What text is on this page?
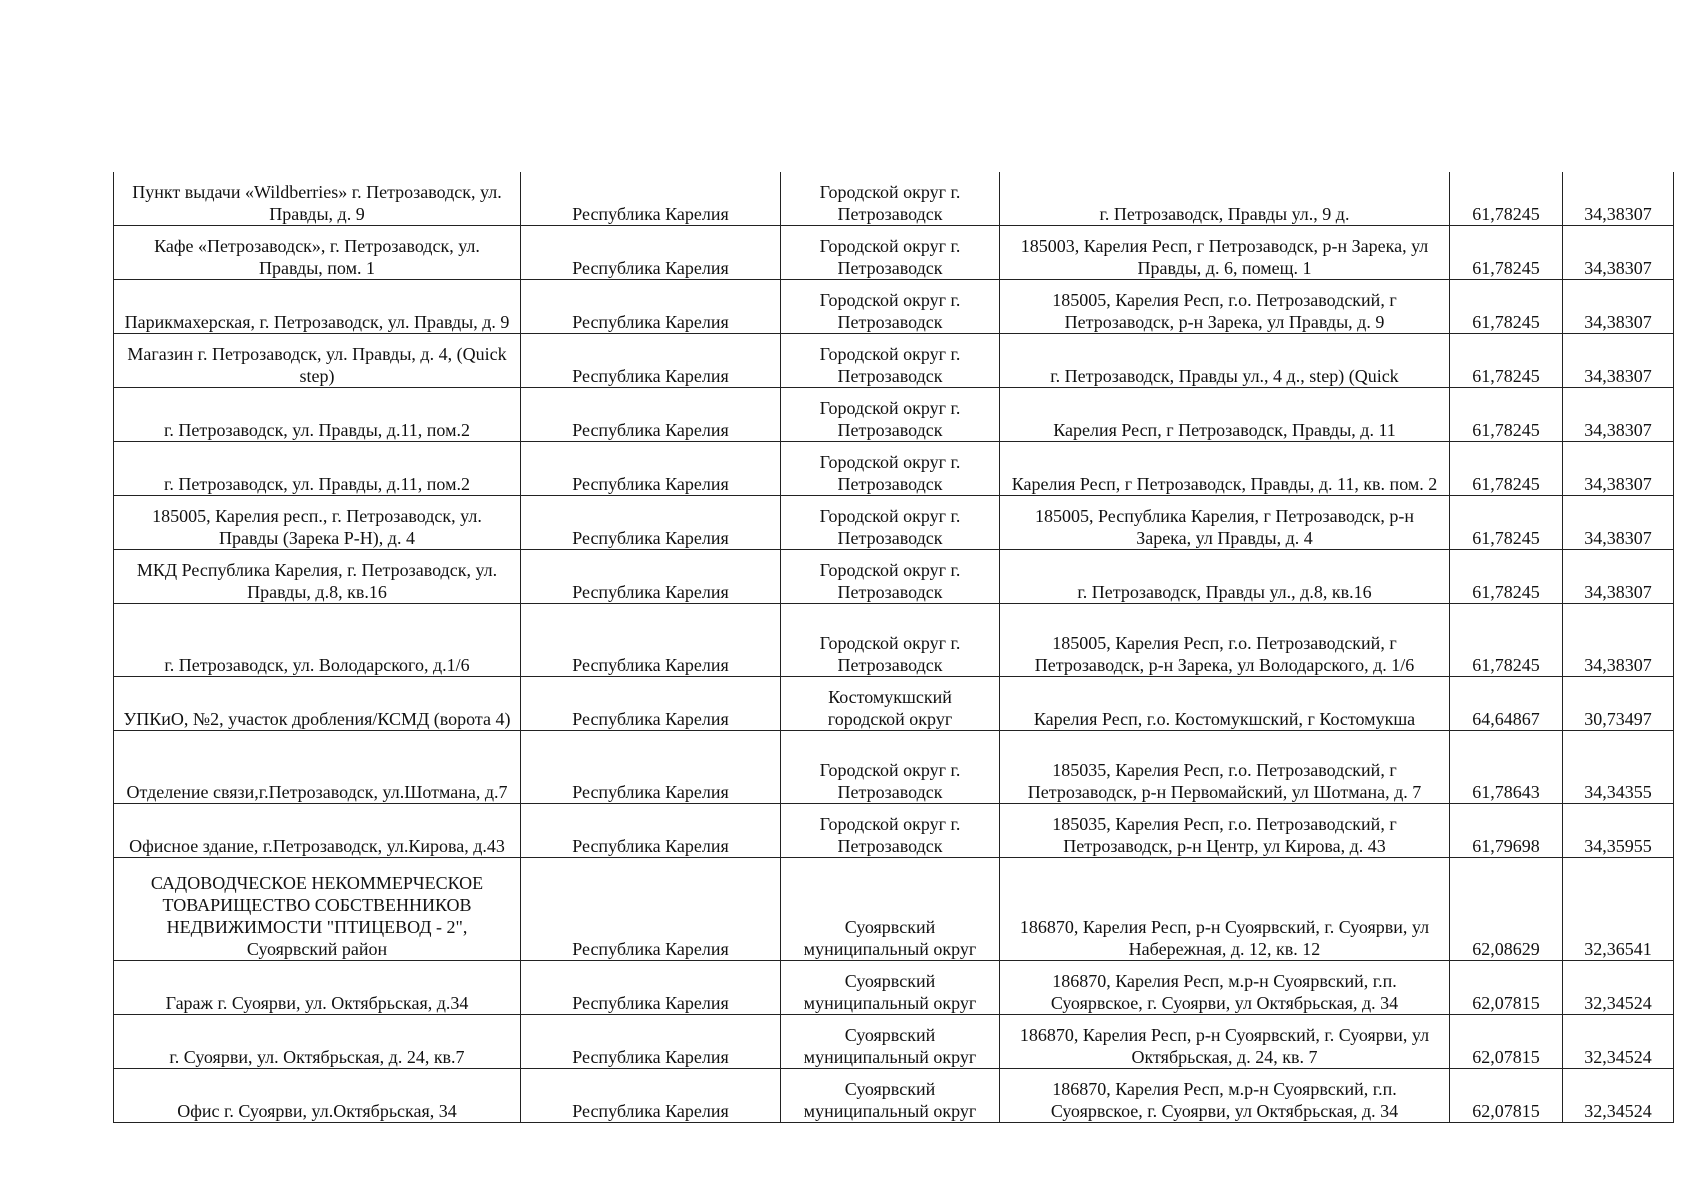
Пункт выдачи «Wildberries» г. Петрозаводск, ул. Правды, д. 9	Республика Карелия	Городской округ г. Петрозаводск	г. Петрозаводск, Правды ул., 9 д.	61,78245	34,38307
Кафе «Петрозаводск», г. Петрозаводск, ул. Правды, пом. 1	Республика Карелия	Городской округ г. Петрозаводск	185003, Карелия Респ, г Петрозаводск, р-н Зарека, ул Правды, д. 6, помещ. 1	61,78245	34,38307
Парикмахерская, г. Петрозаводск, ул. Правды, д. 9	Республика Карелия	Городской округ г. Петрозаводск	185005, Карелия Респ, г.о. Петрозаводский, г Петрозаводск, р-н Зарека, ул Правды, д. 9	61,78245	34,38307
Магазин г. Петрозаводск, ул. Правды, д. 4, (Quick step)	Республика Карелия	Городской округ г. Петрозаводск	г. Петрозаводск, Правды ул., 4 д., step) (Quick	61,78245	34,38307
г. Петрозаводск, ул. Правды, д.11, пом.2	Республика Карелия	Городской округ г. Петрозаводск	Карелия Респ, г Петрозаводск, Правды, д. 11	61,78245	34,38307
г. Петрозаводск, ул. Правды, д.11, пом.2	Республика Карелия	Городской округ г. Петрозаводск	Карелия Респ, г Петрозаводск, Правды, д. 11, кв. пом. 2	61,78245	34,38307
185005, Карелия респ., г. Петрозаводск, ул. Правды (Зарека Р-Н), д. 4	Республика Карелия	Городской округ г. Петрозаводск	185005, Республика Карелия, г Петрозаводск, р-н Зарека, ул Правды, д. 4	61,78245	34,38307
МКД Республика Карелия, г. Петрозаводск, ул. Правды, д.8, кв.16	Республика Карелия	Городской округ г. Петрозаводск	г. Петрозаводск, Правды ул., д.8, кв.16	61,78245	34,38307
г. Петрозаводск, ул. Володарского, д.1/6	Республика Карелия	Городской округ г. Петрозаводск	185005, Карелия Респ, г.о. Петрозаводский, г Петрозаводск, р-н Зарека, ул Володарского, д. 1/6	61,78245	34,38307
УПКиО, №2, участок дробления/КСМД (ворота 4)	Республика Карелия	Костомукшский городской округ	Карелия Респ, г.о. Костомукшский, г Костомукша	64,64867	30,73497
Отделение связи,г.Петрозаводск, ул.Шотмана, д.7	Республика Карелия	Городской округ г. Петрозаводск	185035, Карелия Респ, г.о. Петрозаводский, г Петрозаводск, р-н Первомайский, ул Шотмана, д. 7	61,78643	34,34355
Офисное здание, г.Петрозаводск, ул.Кирова, д.43	Республика Карелия	Городской округ г. Петрозаводск	185035, Карелия Респ, г.о. Петрозаводский, г Петрозаводск, р-н Центр, ул Кирова, д. 43	61,79698	34,35955
САДОВОДЧЕСКОЕ НЕКОММЕРЧЕСКОЕ ТОВАРИЩЕСТВО СОБСТВЕННИКОВ НЕДВИЖИМОСТИ "ПТИЦЕВОД - 2", Суоярвский район	Республика Карелия	Суоярвский муниципальный округ	186870, Карелия Респ, р-н Суоярвский, г. Суоярви, ул Набережная, д. 12, кв. 12	62,08629	32,36541
Гараж г. Суоярви, ул. Октябрьская, д.34	Республика Карелия	Суоярвский муниципальный округ	186870, Карелия Респ, м.р-н Суоярвский, г.п. Суоярвское, г. Суоярви, ул Октябрьская, д. 34	62,07815	32,34524
г. Суоярви, ул. Октябрьская, д. 24, кв.7	Республика Карелия	Суоярвский муниципальный округ	186870, Карелия Респ, р-н Суоярвский, г. Суоярви, ул Октябрьская, д. 24, кв. 7	62,07815	32,34524
Офис г. Суоярви, ул.Октябрьская, 34	Республика Карелия	Суоярвский муниципальный округ	186870, Карелия Респ, м.р-н Суоярвский, г.п. Суоярвское, г. Суоярви, ул Октябрьская, д. 34	62,07815	32,34524
